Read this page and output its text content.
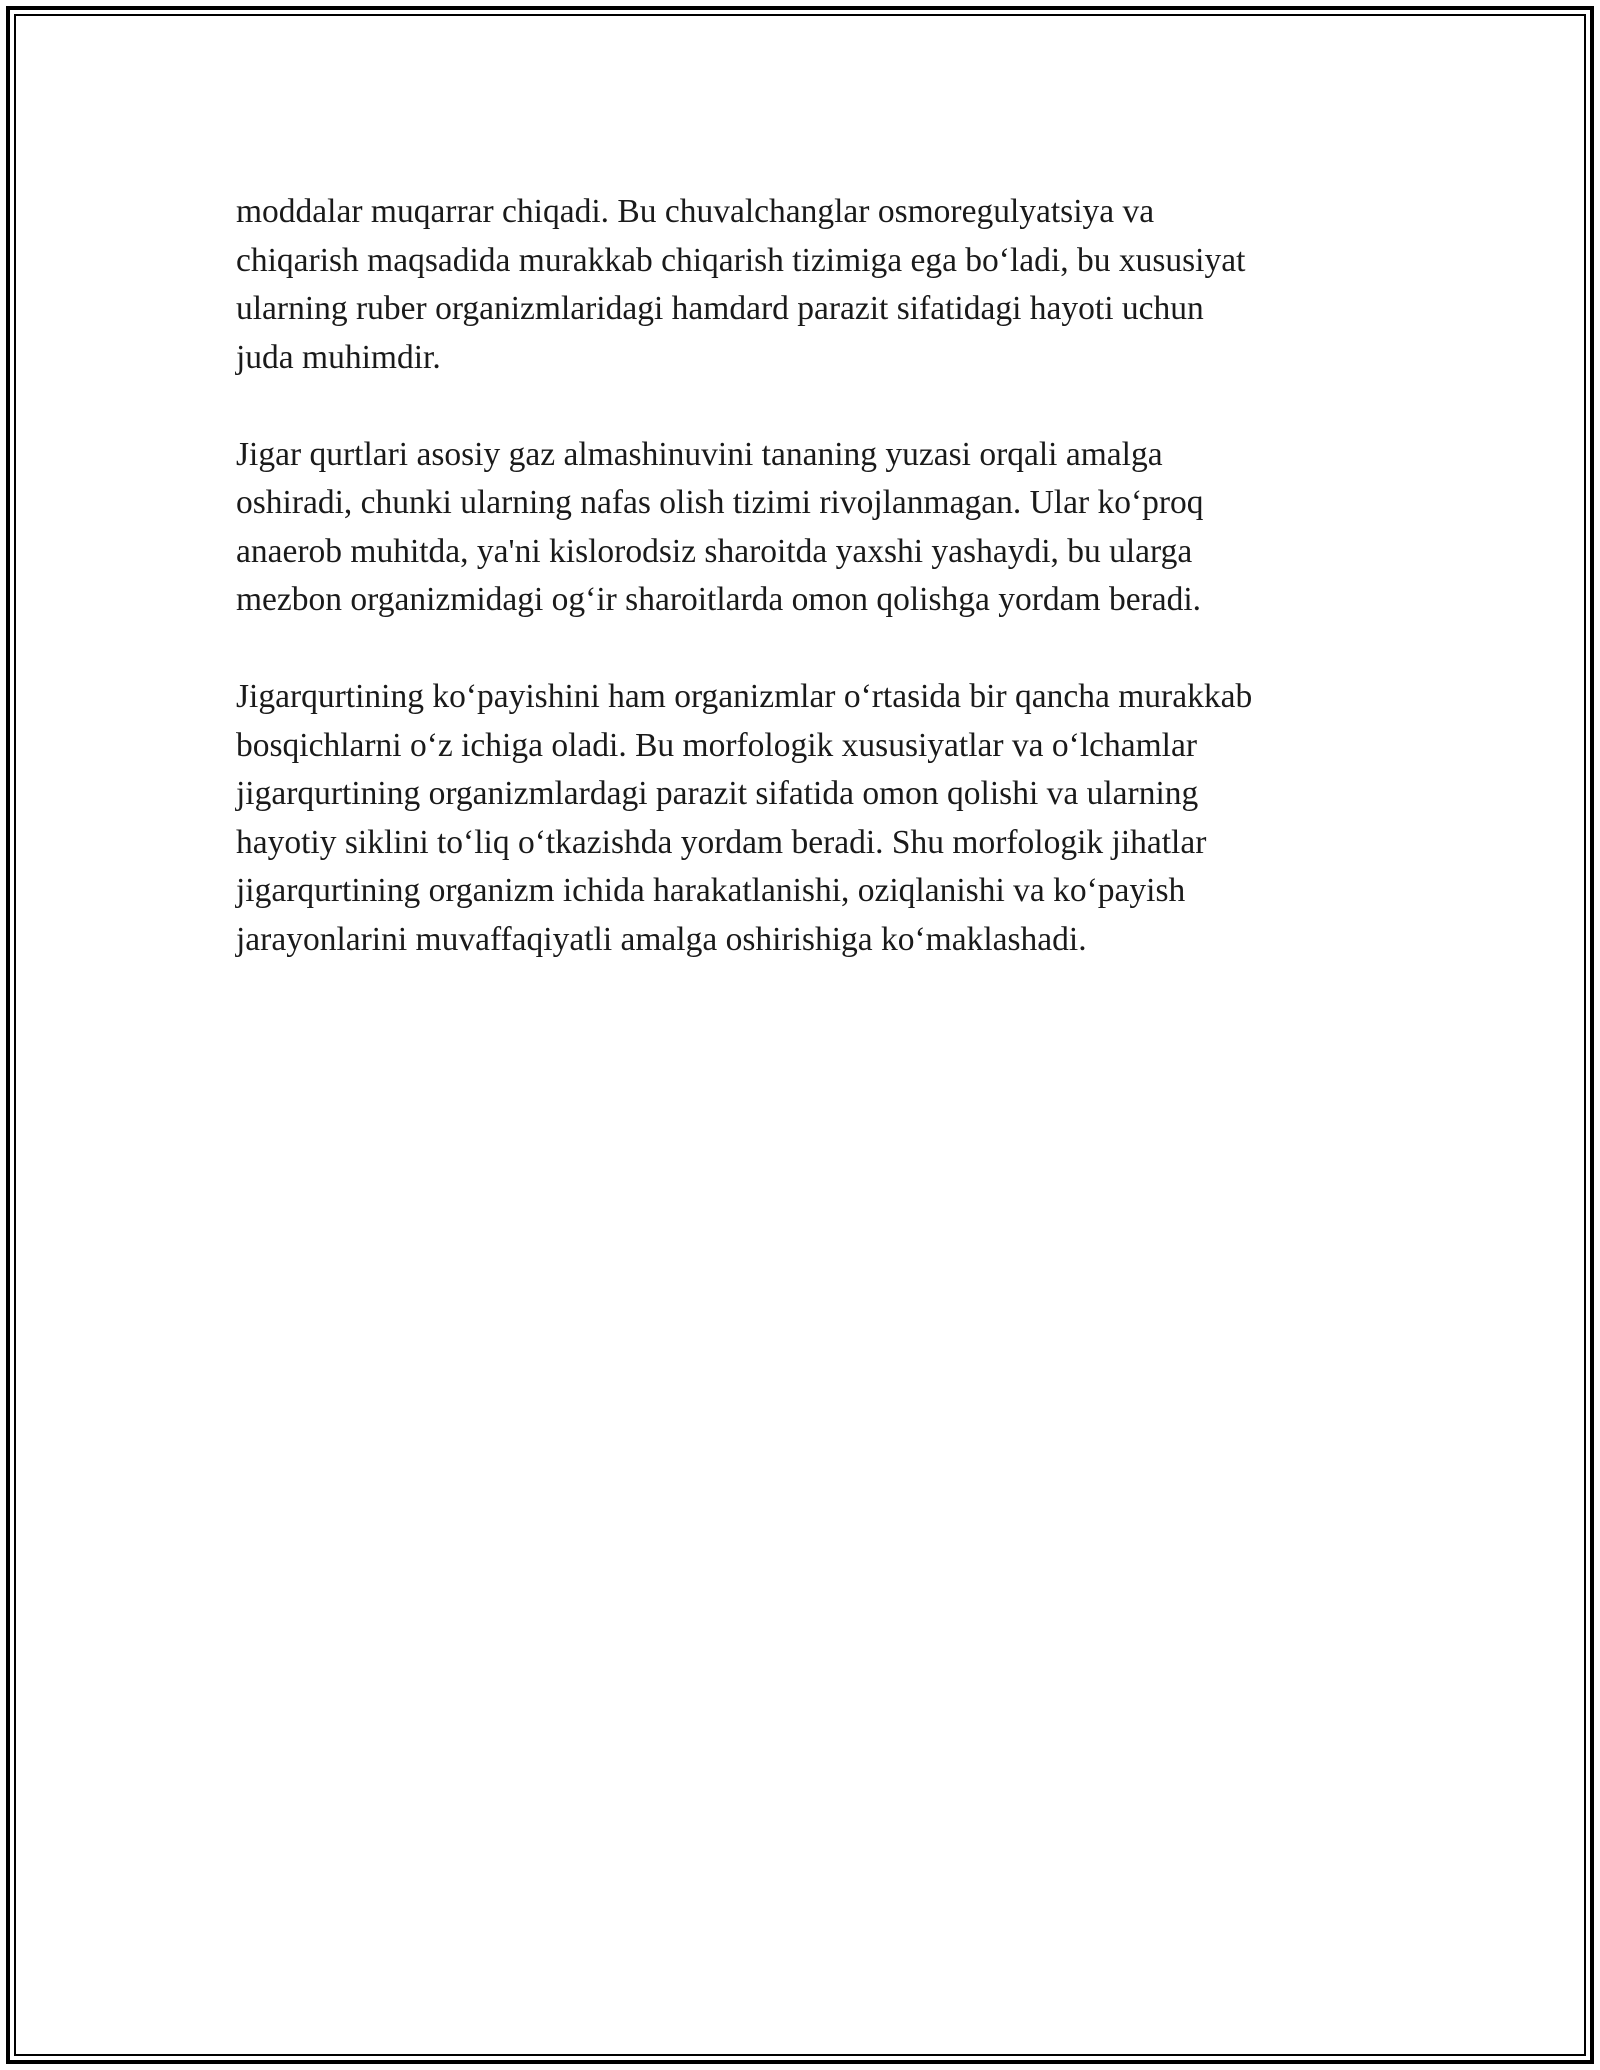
moddalar muqarrar chiqadi. Bu chuvalchanglar osmoregulyatsiya va
chiqarish maqsadida murakkab chiqarish tizimiga ega bo‘ladi, bu xususiyat
ularning ruber organizmlaridagi hamdard parazit sifatidagi hayoti uchun
juda muhimdir.

Jigar qurtlari asosiy gaz almashinuvini tananing yuzasi orqali amalga
oshiradi, chunki ularning nafas olish tizimi rivojlanmagan. Ular ko‘proq
anaerob muhitda, ya'ni kislorodsiz sharoitda yaxshi yashaydi, bu ularga
mezbon organizmidagi og‘ir sharoitlarda omon qolishga yordam beradi.

Jigarqurtining ko‘payishini ham organizmlar o‘rtasida bir qancha murakkab
bosqichlarni o‘z ichiga oladi. Bu morfologik xususiyatlar va o‘lchamlar
jigarqurtining organizmlardagi parazit sifatida omon qolishi va ularning
hayotiy siklini to‘liq o‘tkazishda yordam beradi. Shu morfologik jihatlar
jigarqurtining organizm ichida harakatlanishi, oziqlanishi va ko‘payish
jarayonlarini muvaffaqiyatli amalga oshirishiga ko‘maklashadi.
